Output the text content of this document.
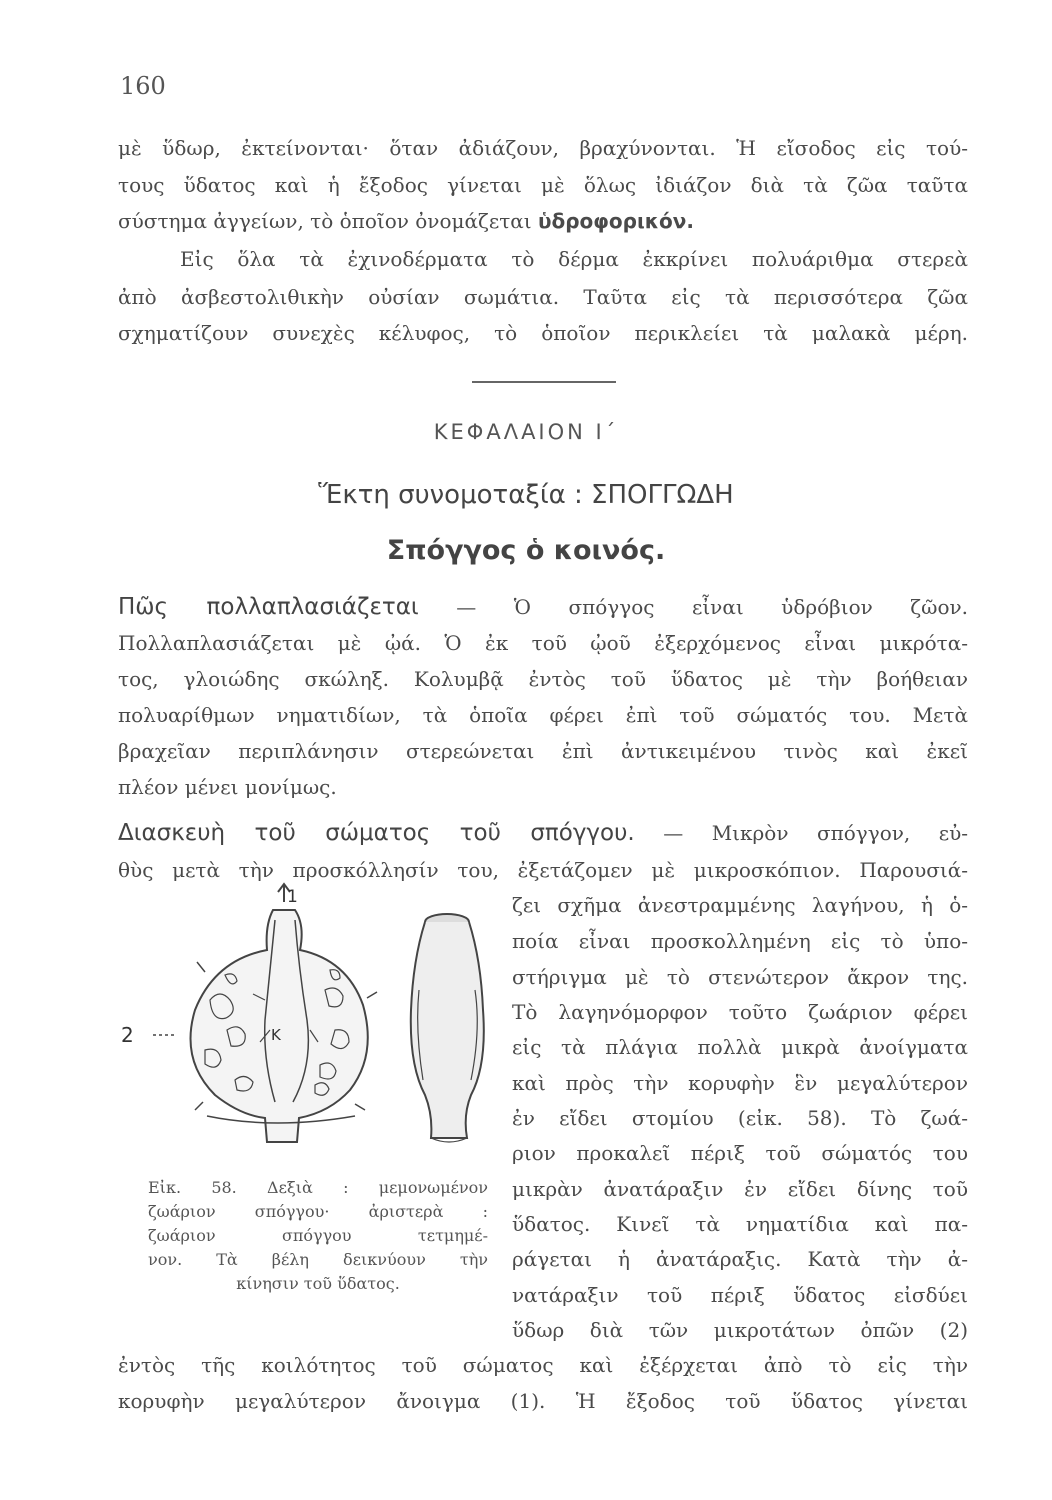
160
μὲ ὕδωρ, ἐκτείνονται· ὅταν ἀδιάζουν, βραχύνονται. Ἡ εἴσοδος εἰς τού-
τους ὕδατος καὶ ἡ ἔξοδος γίνεται μὲ ὅλως ἰδιάζον διὰ τὰ ζῶα ταῦτα
σύστημα ἀγγείων, τὸ ὁποῖον ὀνομάζεται ὑδροφορικόν.
Εἰς ὅλα τὰ ἐχινοδέρματα τὸ δέρμα ἐκκρίνει πολυάριθμα στερεὰ
ἀπὸ ἀσβεστολιθικὴν οὐσίαν σωμάτια. Ταῦτα εἰς τὰ περισσότερα ζῶα
σχηματίζουν συνεχὲς κέλυφος, τὸ ὁποῖον περικλείει τὰ μαλακὰ μέρη.
ΚΕΦΑΛΑΙΟΝ Ι΄
Ἕκτη συνομοταξία : ΣΠΟΓΓΩΔΗ
Σπόγγος ὁ κοινός.
Πῶς πολλαπλασιάζεται — Ὁ σπόγγος εἶναι ὑδρόβιον ζῶον.
Πολλαπλασιάζεται μὲ ᾠά. Ὁ ἐκ τοῦ ᾠοῦ ἐξερχόμενος εἶναι μικρότα-
τος, γλοιώδης σκώληξ. Κολυμβᾷ ἐντὸς τοῦ ὕδατος μὲ τὴν βοήθειαν
πολυαρίθμων νηματιδίων, τὰ ὁποῖα φέρει ἐπὶ τοῦ σώματός του. Μετὰ
βραχεῖαν περιπλάνησιν στερεώνεται ἐπὶ ἀντικειμένου τινὸς καὶ ἐκεῖ
πλέον μένει μονίμως.
Διασκευὴ τοῦ σώματος τοῦ σπόγγου. — Μικρὸν σπόγγον, εὐ-
θὺς μετὰ τὴν προσκόλλησίν του, ἐξετάζομεν μὲ μικροσκόπιον. Παρουσιά-
ζει σχῆμα ἀνεστραμμένης λαγήνου, ἡ ὁ-
ποία εἶναι προσκολλημένη εἰς τὸ ὑπο-
στήριγμα μὲ τὸ στενώτερον ἄκρον της.
Τὸ λαγηνόμορφον τοῦτο ζωάριον φέρει
εἰς τὰ πλάγια πολλὰ μικρὰ ἀνοίγματα
καὶ πρὸς τὴν κορυφὴν ἓν μεγαλύτερον
ἐν εἴδει στομίου (εἰκ. 58). Τὸ ζωά-
ριον προκαλεῖ πέριξ τοῦ σώματός του
μικρὰν ἀνατάραξιν ἐν εἴδει δίνης τοῦ
ὕδατος. Κινεῖ τὰ νηματίδια καὶ πα-
ράγεται ἡ ἀνατάραξις. Κατὰ τὴν ἀ-
νατάραξιν τοῦ πέριξ ὕδατος εἰσδύει
ὕδωρ διὰ τῶν μικροτάτων ὀπῶν (2)
ἐντὸς τῆς κοιλότητος τοῦ σώματος καὶ ἐξέρχεται ἀπὸ τὸ εἰς τὴν
κορυφὴν μεγαλύτερον ἄνοιγμα (1). Ἡ ἔξοδος τοῦ ὕδατος γίνεται
1
2	K
Εἰκ. 58. Δεξιὰ : μεμονωμένον
ζωάριον σπόγγου· ἀριστερὰ :
ζωάριον σπόγγου τετμημέ-
νον. Τὰ βέλη δεικνύουν τὴν
κίνησιν τοῦ ὕδατος.
